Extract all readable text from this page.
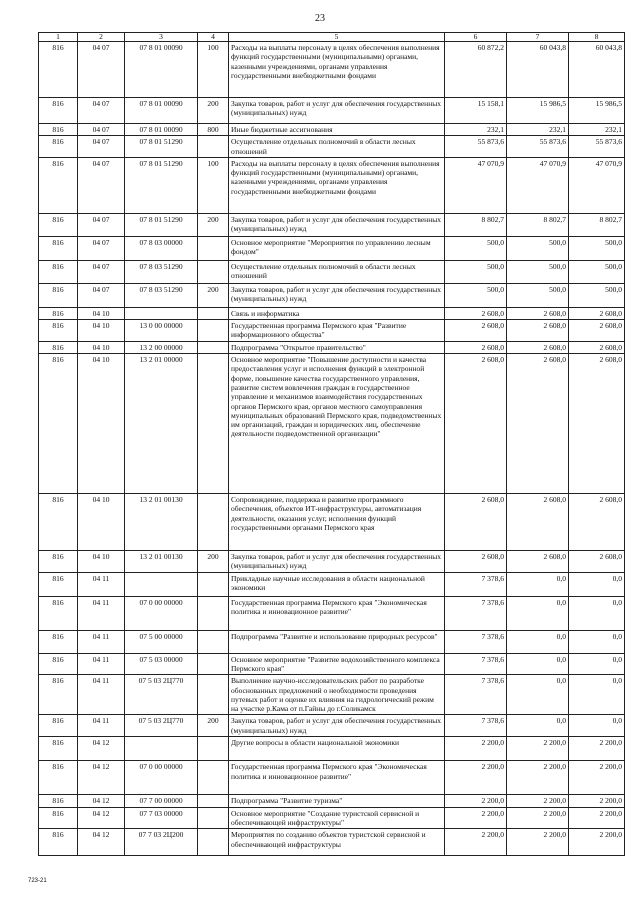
23
1	2	3	4	5	6	7	8
816	04 07	07 8 01 00090	100	Расходы на выплаты персоналу в целях обеспечения выполнения функций государственными (муниципальными) органами, казенными учреждениями, органами управления государственными внебюджетными фондами	60 872,2	60 043,8	60 043,8
816	04 07	07 8 01 00090	200	Закупка товаров, работ и услуг для обеспечения государственных (муниципальных) нужд	15 158,1	15 986,5	15 986,5
816	04 07	07 8 01 00090	800	Иные бюджетные ассигнования	232,1	232,1	232,1
816	04 07	07 8 01 51290		Осуществление отдельных полномочий в области лесных отношений	55 873,6	55 873,6	55 873,6
816	04 07	07 8 01 51290	100	Расходы на выплаты персоналу в целях обеспечения выполнения функций государственными (муниципальными) органами, казенными учреждениями, органами управления государственными внебюджетными фондами	47 070,9	47 070,9	47 070,9
816	04 07	07 8 01 51290	200	Закупка товаров, работ и услуг для обеспечения государственных (муниципальных) нужд	8 802,7	8 802,7	8 802,7
816	04 07	07 8 03 00000		Основное мероприятие "Мероприятия по управлению лесным фондом"	500,0	500,0	500,0
816	04 07	07 8 03 51290		Осуществление отдельных полномочий в области лесных отношений	500,0	500,0	500,0
816	04 07	07 8 03 51290	200	Закупка товаров, работ и услуг для обеспечения государственных (муниципальных) нужд	500,0	500,0	500,0
816	04 10			Связь и информатика	2 608,0	2 608,0	2 608,0
816	04 10	13 0 00 00000		Государственная программа Пермского края "Развитие информационного общества"	2 608,0	2 608,0	2 608,0
816	04 10	13 2 00 00000		Подпрограмма "Открытое правительство"	2 608,0	2 608,0	2 608,0
816	04 10	13 2 01 00000		Основное мероприятие "Повышение доступности и качества предоставления услуг и исполнения функций в электронной форме, повышение качества государственного управления, развитие систем вовлечения граждан в государственное управление и механизмов взаимодействия государственных органов Пермского края, органов местного самоуправления муниципальных образований Пермского края, подведомственных им организаций, граждан и юридических лиц, обеспечение деятельности подведомственной организации"	2 608,0	2 608,0	2 608,0
816	04 10	13 2 01 00130		Сопровождение, поддержка и развитие программного обеспечения, объектов ИТ-инфраструктуры, автоматизация деятельности, оказания услуг, исполнения функций государственными органами Пермского края	2 608,0	2 608,0	2 608,0
816	04 10	13 2 01 00130	200	Закупка товаров, работ и услуг для обеспечения государственных (муниципальных) нужд	2 608,0	2 608,0	2 608,0
816	04 11			Прикладные научные исследования в области национальной экономики	7 378,6	0,0	0,0
816	04 11	07 0 00 00000		Государственная программа Пермского края "Экономическая политика и инновационное развитие"	7 378,6	0,0	0,0
816	04 11	07 5 00 00000		Подпрограмма "Развитие и использование природных ресурсов"	7 378,6	0,0	0,0
816	04 11	07 5 03 00000		Основное мероприятие "Развитие водохозяйственного комплекса Пермского края"	7 378,6	0,0	0,0
816	04 11	07 5 03 2Ц770		Выполнение научно-исследовательских работ по разработке обоснованных предложений о необходимости проведения путевых работ и оценке их влияния на гидрологический режим на участке р.Кама от п.Гайны до г.Соликамск	7 378,6	0,0	0,0
816	04 11	07 5 03 2Ц770	200	Закупка товаров, работ и услуг для обеспечения государственных (муниципальных) нужд	7 378,6	0,0	0,0
816	04 12			Другие вопросы в области национальной экономики	2 200,0	2 200,0	2 200,0
816	04 12	07 0 00 00000		Государственная программа Пермского края "Экономическая политика и инновационное развитие"	2 200,0	2 200,0	2 200,0
816	04 12	07 7 00 00000		Подпрограмма "Развитие туризма"	2 200,0	2 200,0	2 200,0
816	04 12	07 7 03 00000		Основное мероприятие "Создание туристской сервисной и обеспечивающей инфраструктуры"	2 200,0	2 200,0	2 200,0
816	04 12	07 7 03 2Ц200		Мероприятия по созданию объектов туристской сервисной и обеспечивающей инфраструктуры	2 200,0	2 200,0	2 200,0
723-21
